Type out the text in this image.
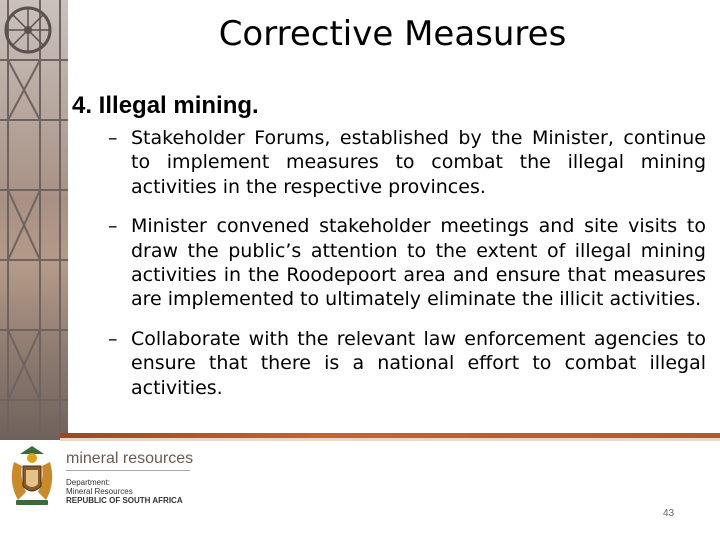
Corrective Measures
4. Illegal mining.
– Stakeholder Forums, established by the Minister, continue to implement measures to combat the illegal mining activities in the respective provinces.
– Minister convened stakeholder meetings and site visits to draw the public’s attention to the extent of illegal mining activities in the Roodepoort area and ensure that measures are implemented to ultimately eliminate the illicit activities.
– Collaborate with the relevant law enforcement agencies to ensure that there is a national effort to combat illegal activities.
mineral resources
Department:
Mineral Resources
REPUBLIC OF SOUTH AFRICA
43
